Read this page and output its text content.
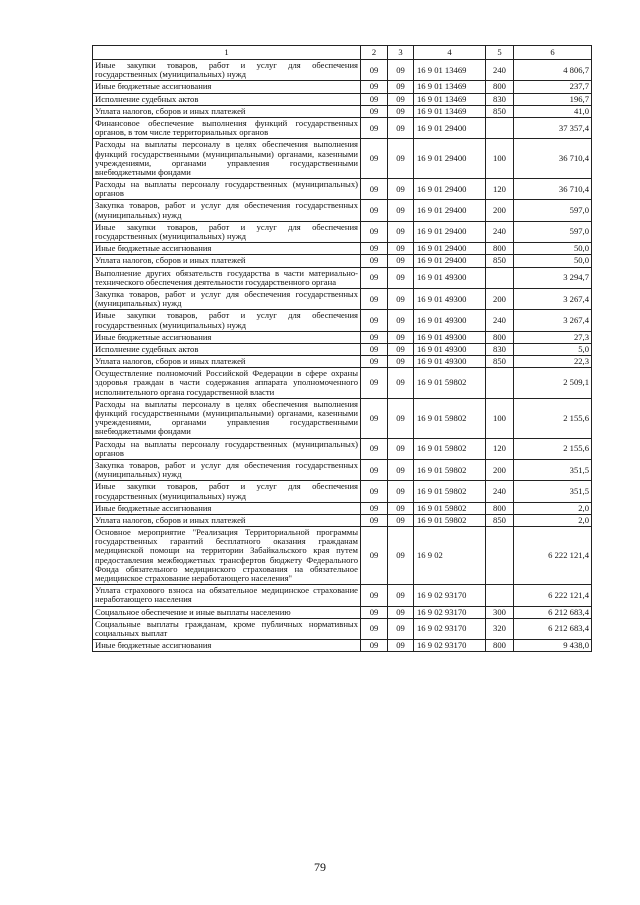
1	2	3	4	5	6
Иные закупки товаров, работ и услуг для обеспечения государственных (муниципальных) нужд	09	09	16 9 01 13469	240	4 806,7
Иные бюджетные ассигнования	09	09	16 9 01 13469	800	237,7
Исполнение судебных актов	09	09	16 9 01 13469	830	196,7
Уплата налогов, сборов и иных платежей	09	09	16 9 01 13469	850	41,0
Финансовое обеспечение выполнения функций государственных органов, в том числе территориальных органов	09	09	16 9 01 29400		37 357,4
Расходы на выплаты персоналу в целях обеспечения выполнения функций государственными (муниципальными) органами, казенными учреждениями, органами управления государственными внебюджетными фондами	09	09	16 9 01 29400	100	36 710,4
Расходы на выплаты персоналу государственных (муниципальных) органов	09	09	16 9 01 29400	120	36 710,4
Закупка товаров, работ и услуг для обеспечения государственных (муниципальных) нужд	09	09	16 9 01 29400	200	597,0
Иные закупки товаров, работ и услуг для обеспечения государственных (муниципальных) нужд	09	09	16 9 01 29400	240	597,0
Иные бюджетные ассигнования	09	09	16 9 01 29400	800	50,0
Уплата налогов, сборов и иных платежей	09	09	16 9 01 29400	850	50,0
Выполнение других обязательств государства в части материально-технического обеспечения деятельности государственного органа	09	09	16 9 01 49300		3 294,7
Закупка товаров, работ и услуг для обеспечения государственных (муниципальных) нужд	09	09	16 9 01 49300	200	3 267,4
Иные закупки товаров, работ и услуг для обеспечения государственных (муниципальных) нужд	09	09	16 9 01 49300	240	3 267,4
Иные бюджетные ассигнования	09	09	16 9 01 49300	800	27,3
Исполнение судебных актов	09	09	16 9 01 49300	830	5,0
Уплата налогов, сборов и иных платежей	09	09	16 9 01 49300	850	22,3
Осуществление полномочий Российской Федерации в сфере охраны здоровья граждан в части содержания аппарата уполномоченного исполнительного органа государственной власти	09	09	16 9 01 59802		2 509,1
Расходы на выплаты персоналу в целях обеспечения выполнения функций государственными (муниципальными) органами, казенными учреждениями, органами управления государственными внебюджетными фондами	09	09	16 9 01 59802	100	2 155,6
Расходы на выплаты персоналу государственных (муниципальных) органов	09	09	16 9 01 59802	120	2 155,6
Закупка товаров, работ и услуг для обеспечения государственных (муниципальных) нужд	09	09	16 9 01 59802	200	351,5
Иные закупки товаров, работ и услуг для обеспечения государственных (муниципальных) нужд	09	09	16 9 01 59802	240	351,5
Иные бюджетные ассигнования	09	09	16 9 01 59802	800	2,0
Уплата налогов, сборов и иных платежей	09	09	16 9 01 59802	850	2,0
Основное мероприятие "Реализация Территориальной программы государственных гарантий бесплатного оказания гражданам медицинской помощи на территории Забайкальского края путем предоставления межбюджетных трансфертов бюджету Федерального Фонда обязательного медицинского страхования на обязательное медицинское страхование неработающего населения"	09	09	16 9 02		6 222 121,4
Уплата страхового взноса на обязательное медицинское страхование неработающего населения	09	09	16 9 02 93170		6 222 121,4
Социальное обеспечение и иные выплаты населению	09	09	16 9 02 93170	300	6 212 683,4
Социальные выплаты гражданам, кроме публичных нормативных социальных выплат	09	09	16 9 02 93170	320	6 212 683,4
Иные бюджетные ассигнования	09	09	16 9 02 93170	800	9 438,0
79
